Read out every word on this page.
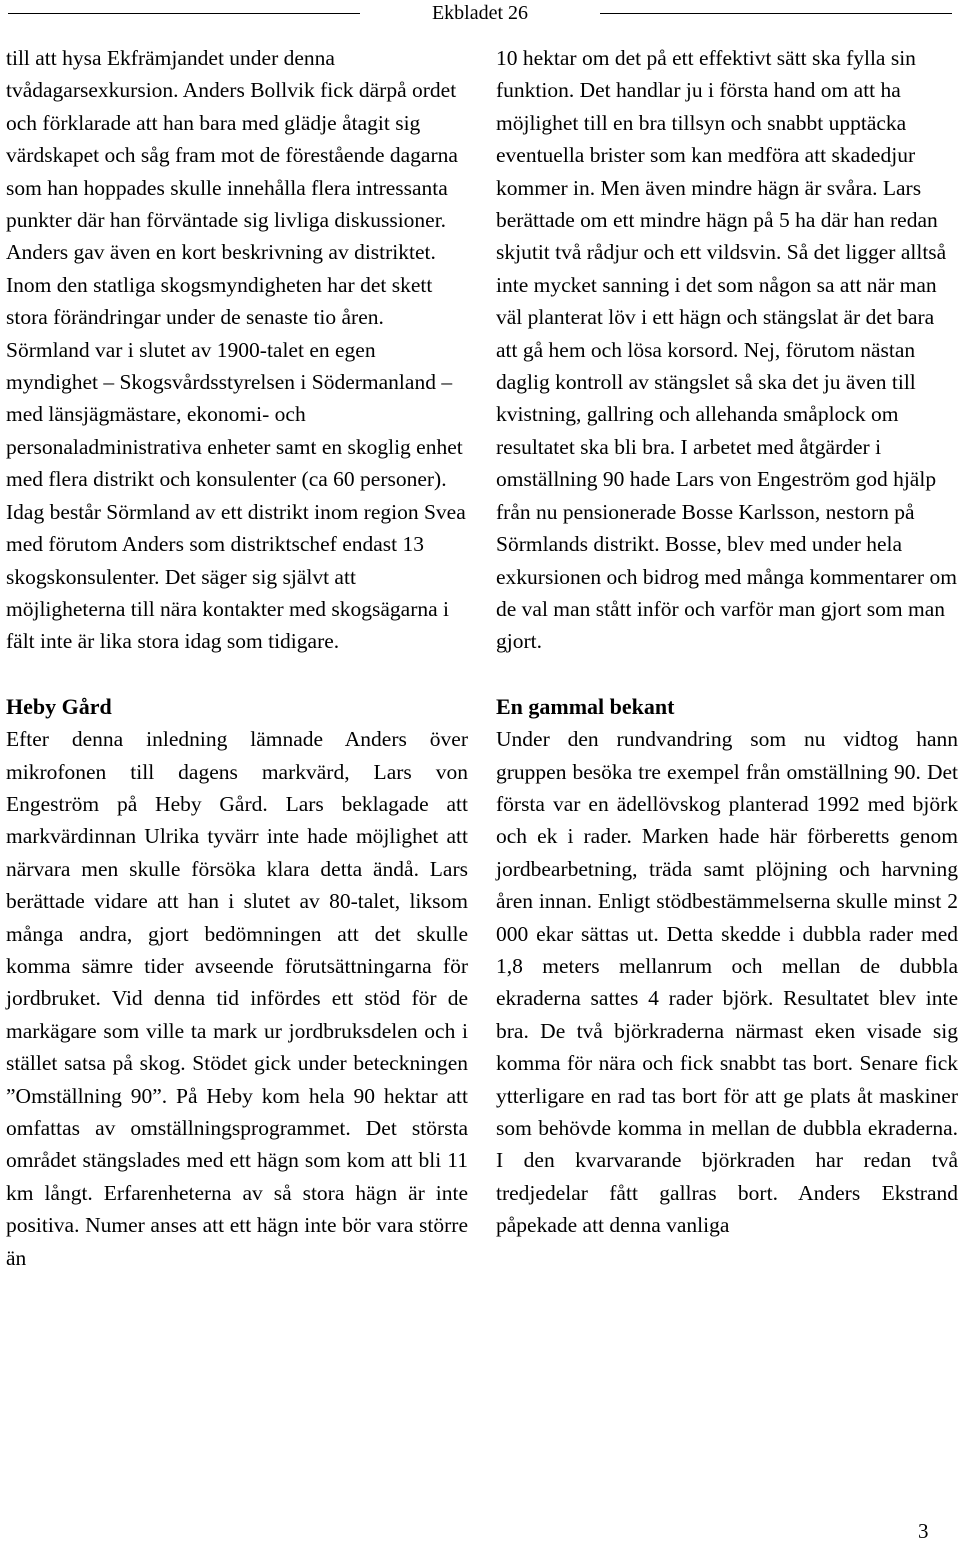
Ekbladet 26

till att hysa Ekfrämjandet under denna tvådagarsexkursion. Anders Bollvik fick därpå ordet och förklarade att han bara med glädje åtagit sig värdskapet och såg fram mot de förestående dagarna som han hoppades skulle innehålla flera intressanta punkter där han förväntade sig livliga diskussioner. Anders gav även en kort beskrivning av distriktet. Inom den statliga skogsmyndigheten har det skett stora förändringar under de senaste tio åren. Sörmland var i slutet av 1900-talet en egen myndighet – Skogsvårdsstyrelsen i Södermanland – med länsjägmästare, ekonomi- och personaladministrativa enheter samt en skoglig enhet med flera distrikt och konsulenter (ca 60 personer). Idag består Sörmland av ett distrikt inom region Svea med förutom Anders som distriktschef endast 13 skogskonsulenter. Det säger sig självt att möjligheterna till nära kontakter med skogsägarna i fält inte är lika stora idag som tidigare.

Heby Gård

Efter denna inledning lämnade Anders över mikrofonen till dagens markvärd, Lars von Engeström på Heby Gård. Lars beklagade att markvärdinnan Ulrika tyvärr inte hade möjlighet att närvara men skulle försöka klara detta ändå. Lars berättade vidare att han i slutet av 80-talet, liksom många andra, gjort bedömningen att det skulle komma sämre tider avseende förutsättningarna för jordbruket. Vid denna tid infördes ett stöd för de markägare som ville ta mark ur jordbruksdelen och i stället satsa på skog. Stödet gick under beteckningen ”Omställning 90”. På Heby kom hela 90 hektar att omfattas av omställningsprogrammet. Det största området stängslades med ett hägn som kom att bli 11 km långt. Erfarenheterna av så stora hägn är inte positiva. Numer anses att ett hägn inte bör vara större än

10 hektar om det på ett effektivt sätt ska fylla sin funktion. Det handlar ju i första hand om att ha möjlighet till en bra tillsyn och snabbt upptäcka eventuella brister som kan medföra att skadedjur kommer in. Men även mindre hägn är svåra. Lars berättade om ett mindre hägn på 5 ha där han redan skjutit två rådjur och ett vildsvin. Så det ligger alltså inte mycket sanning i det som någon sa att när man väl planterat löv i ett hägn och stängslat är det bara att gå hem och lösa korsord. Nej, förutom nästan daglig kontroll av stängslet så ska det ju även till kvistning, gallring och allehanda småplock om resultatet ska bli bra. I arbetet med åtgärder i omställning 90 hade Lars von Engeström god hjälp från nu pensionerade Bosse Karlsson, nestorn på Sörmlands distrikt. Bosse, blev med under hela exkursionen och bidrog med många kommentarer om de val man stått inför och varför man gjort som man gjort.

En gammal bekant

Under den rundvandring som nu vidtog hann gruppen besöka tre exempel från omställning 90. Det första var en ädellövskog planterad 1992 med björk och ek i rader. Marken hade här förberetts genom jordbearbetning, träda samt plöjning och harvning åren innan. Enligt stödbestämmelserna skulle minst 2 000 ekar sättas ut. Detta skedde i dubbla rader med 1,8 meters mellanrum och mellan de dubbla ekraderna sattes 4 rader björk. Resultatet blev inte bra. De två björkraderna närmast eken visade sig komma för nära och fick snabbt tas bort. Senare fick ytterligare en rad tas bort för att ge plats åt maskiner som behövde komma in mellan de dubbla ekraderna. I den kvarvarande björkraden har redan två tredjedelar fått gallras bort. Anders Ekstrand påpekade att denna vanliga

3
